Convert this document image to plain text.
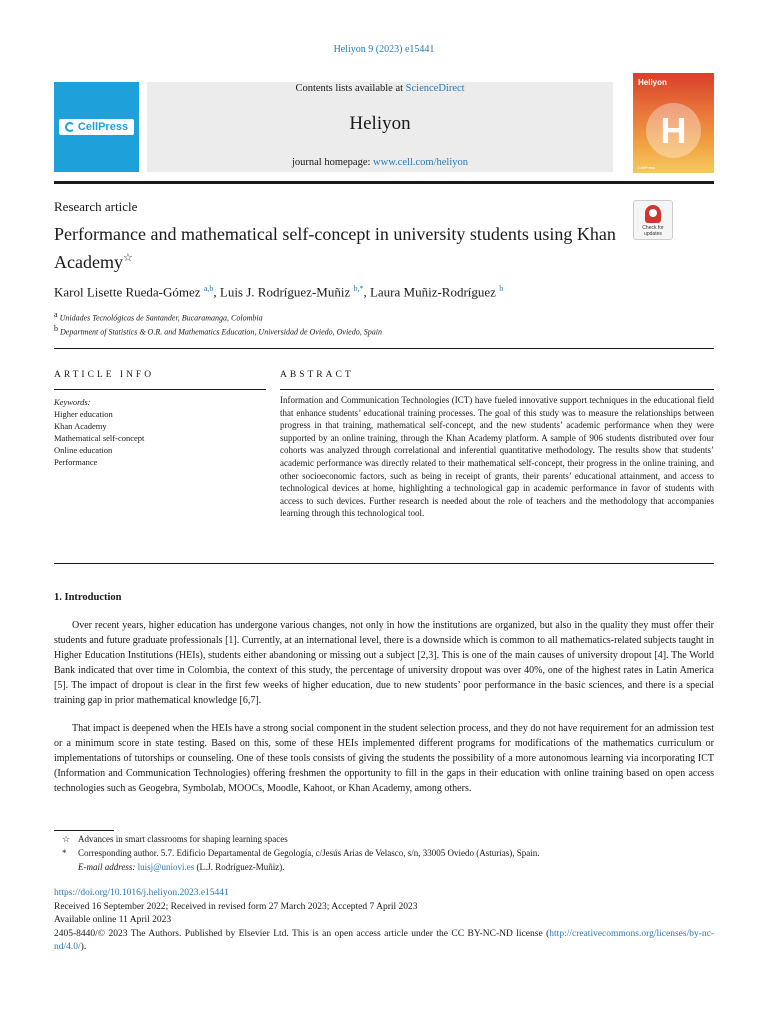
Heliyon 9 (2023) e15441
CellPress
Contents lists available at ScienceDirect
Heliyon
journal homepage: www.cell.com/heliyon
Heliyon
H
CellPress
Research article
Check for updates
Performance and mathematical self-concept in university students using Khan Academy☆
Karol Lisette Rueda-Gómez $^{a,b}$, Luis J. Rodríguez-Muñiz $^{b,*}$, Laura Muñiz-Rodríguez $^b$
$^a$ Unidades Tecnológicas de Santander, Bucaramanga, Colombia
$^b$ Department of Statistics & O.R. and Mathematics Education, Universidad de Oviedo, Oviedo, Spain
ARTICLE INFO	ABSTRACT
Keywords:
Higher education
Khan Academy
Mathematical self-concept
Online education
Performance
Information and Communication Technologies (ICT) have fueled innovative support techniques in the educational field that enhance students’ educational training processes. The goal of this study was to measure the relationships between progress in that training, mathematical self-concept, and the new students’ academic performance when they were supported by an online training, through the Khan Academy platform. A sample of 906 students distributed over four cohorts was analyzed through correlational and inferential quantitative methodology. The results show that students’ academic performance was directly related to their mathematical self-concept, their progress in the online training, and other socioeconomic factors, such as being in receipt of grants, their parents’ educational attainment, and access to technological devices at home, highlighting a technological gap in academic performance in favor of students with access to such devices. Further research is needed about the role of teachers and the methodology that accompanies learning through this technological tool.
1. Introduction

Over recent years, higher education has undergone various changes, not only in how the institutions are organized, but also in the quality they must offer their students and future graduate professionals [1]. Currently, at an international level, there is a downside which is common to all mathematics-related subjects taught in Higher Education Institutions (HEIs), students either abandoning or missing out a subject [2,3]. This is one of the main causes of university dropout [4]. The World Bank indicated that over time in Colombia, the context of this study, the percentage of university dropout was over 40%, one of the highest rates in Latin America [5]. The impact of dropout is clear in the first few weeks of higher education, due to new students’ poor performance in the basic sciences, and there is a special training gap in prior mathematical knowledge [6,7].

That impact is deepened when the HEIs have a strong social component in the student selection process, and they do not have requirement for an admission test or a minimum score in state testing. Based on this, some of these HEIs implemented different programs for modifications of the mathematics curriculum or implementations of tutorships or counseling. One of these tools consists of giving the students the possibility of a more autonomous learning via incorporating ICT (Information and Communication Technologies) offering freshmen the opportunity to fill in the gaps in their education with online training based on open access technologies such as Geogebra, Symbolab, MOOCs, Moodle, Kahoot, or Khan Academy, among others.

☆ Advances in smart classrooms for shaping learning spaces
* Corresponding author. 5.7. Edificio Departamental de Gegología, c/Jesús Arias de Velasco, s/n, 33005 Oviedo (Asturias), Spain.
E-mail address: luisj@uniovi.es (L.J. Rodríguez-Muñiz).
https://doi.org/10.1016/j.heliyon.2023.e15441
Received 16 September 2022; Received in revised form 27 March 2023; Accepted 7 April 2023
Available online 11 April 2023
2405-8440/© 2023 The Authors. Published by Elsevier Ltd. This is an open access article under the CC BY-NC-ND license (http://creativecommons.org/licenses/by-nc-nd/4.0/).
